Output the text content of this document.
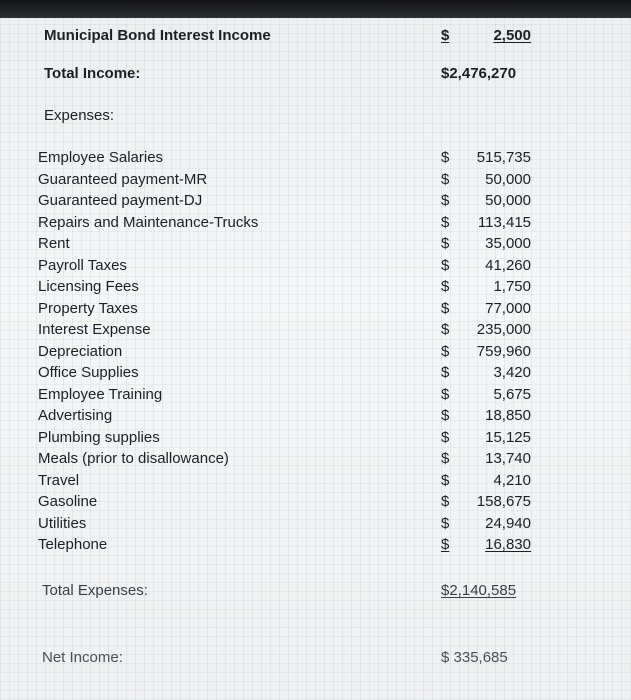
Municipal Bond Interest Income	$	2,500
Total Income:	$2,476,270
Expenses:
Employee Salaries	$	515,735
Guaranteed payment-MR	$	50,000
Guaranteed payment-DJ	$	50,000
Repairs and Maintenance-Trucks	$	113,415
Rent	$	35,000
Payroll Taxes	$	41,260
Licensing Fees	$	1,750
Property Taxes	$	77,000
Interest Expense	$	235,000
Depreciation	$	759,960
Office Supplies	$	3,420
Employee Training	$	5,675
Advertising	$	18,850
Plumbing supplies	$	15,125
Meals (prior to disallowance)	$	13,740
Travel	$	4,210
Gasoline	$	158,675
Utilities	$	24,940
Telephone	$	16,830
Total Expenses:	$2,140,585
Net Income:	$ 335,685
